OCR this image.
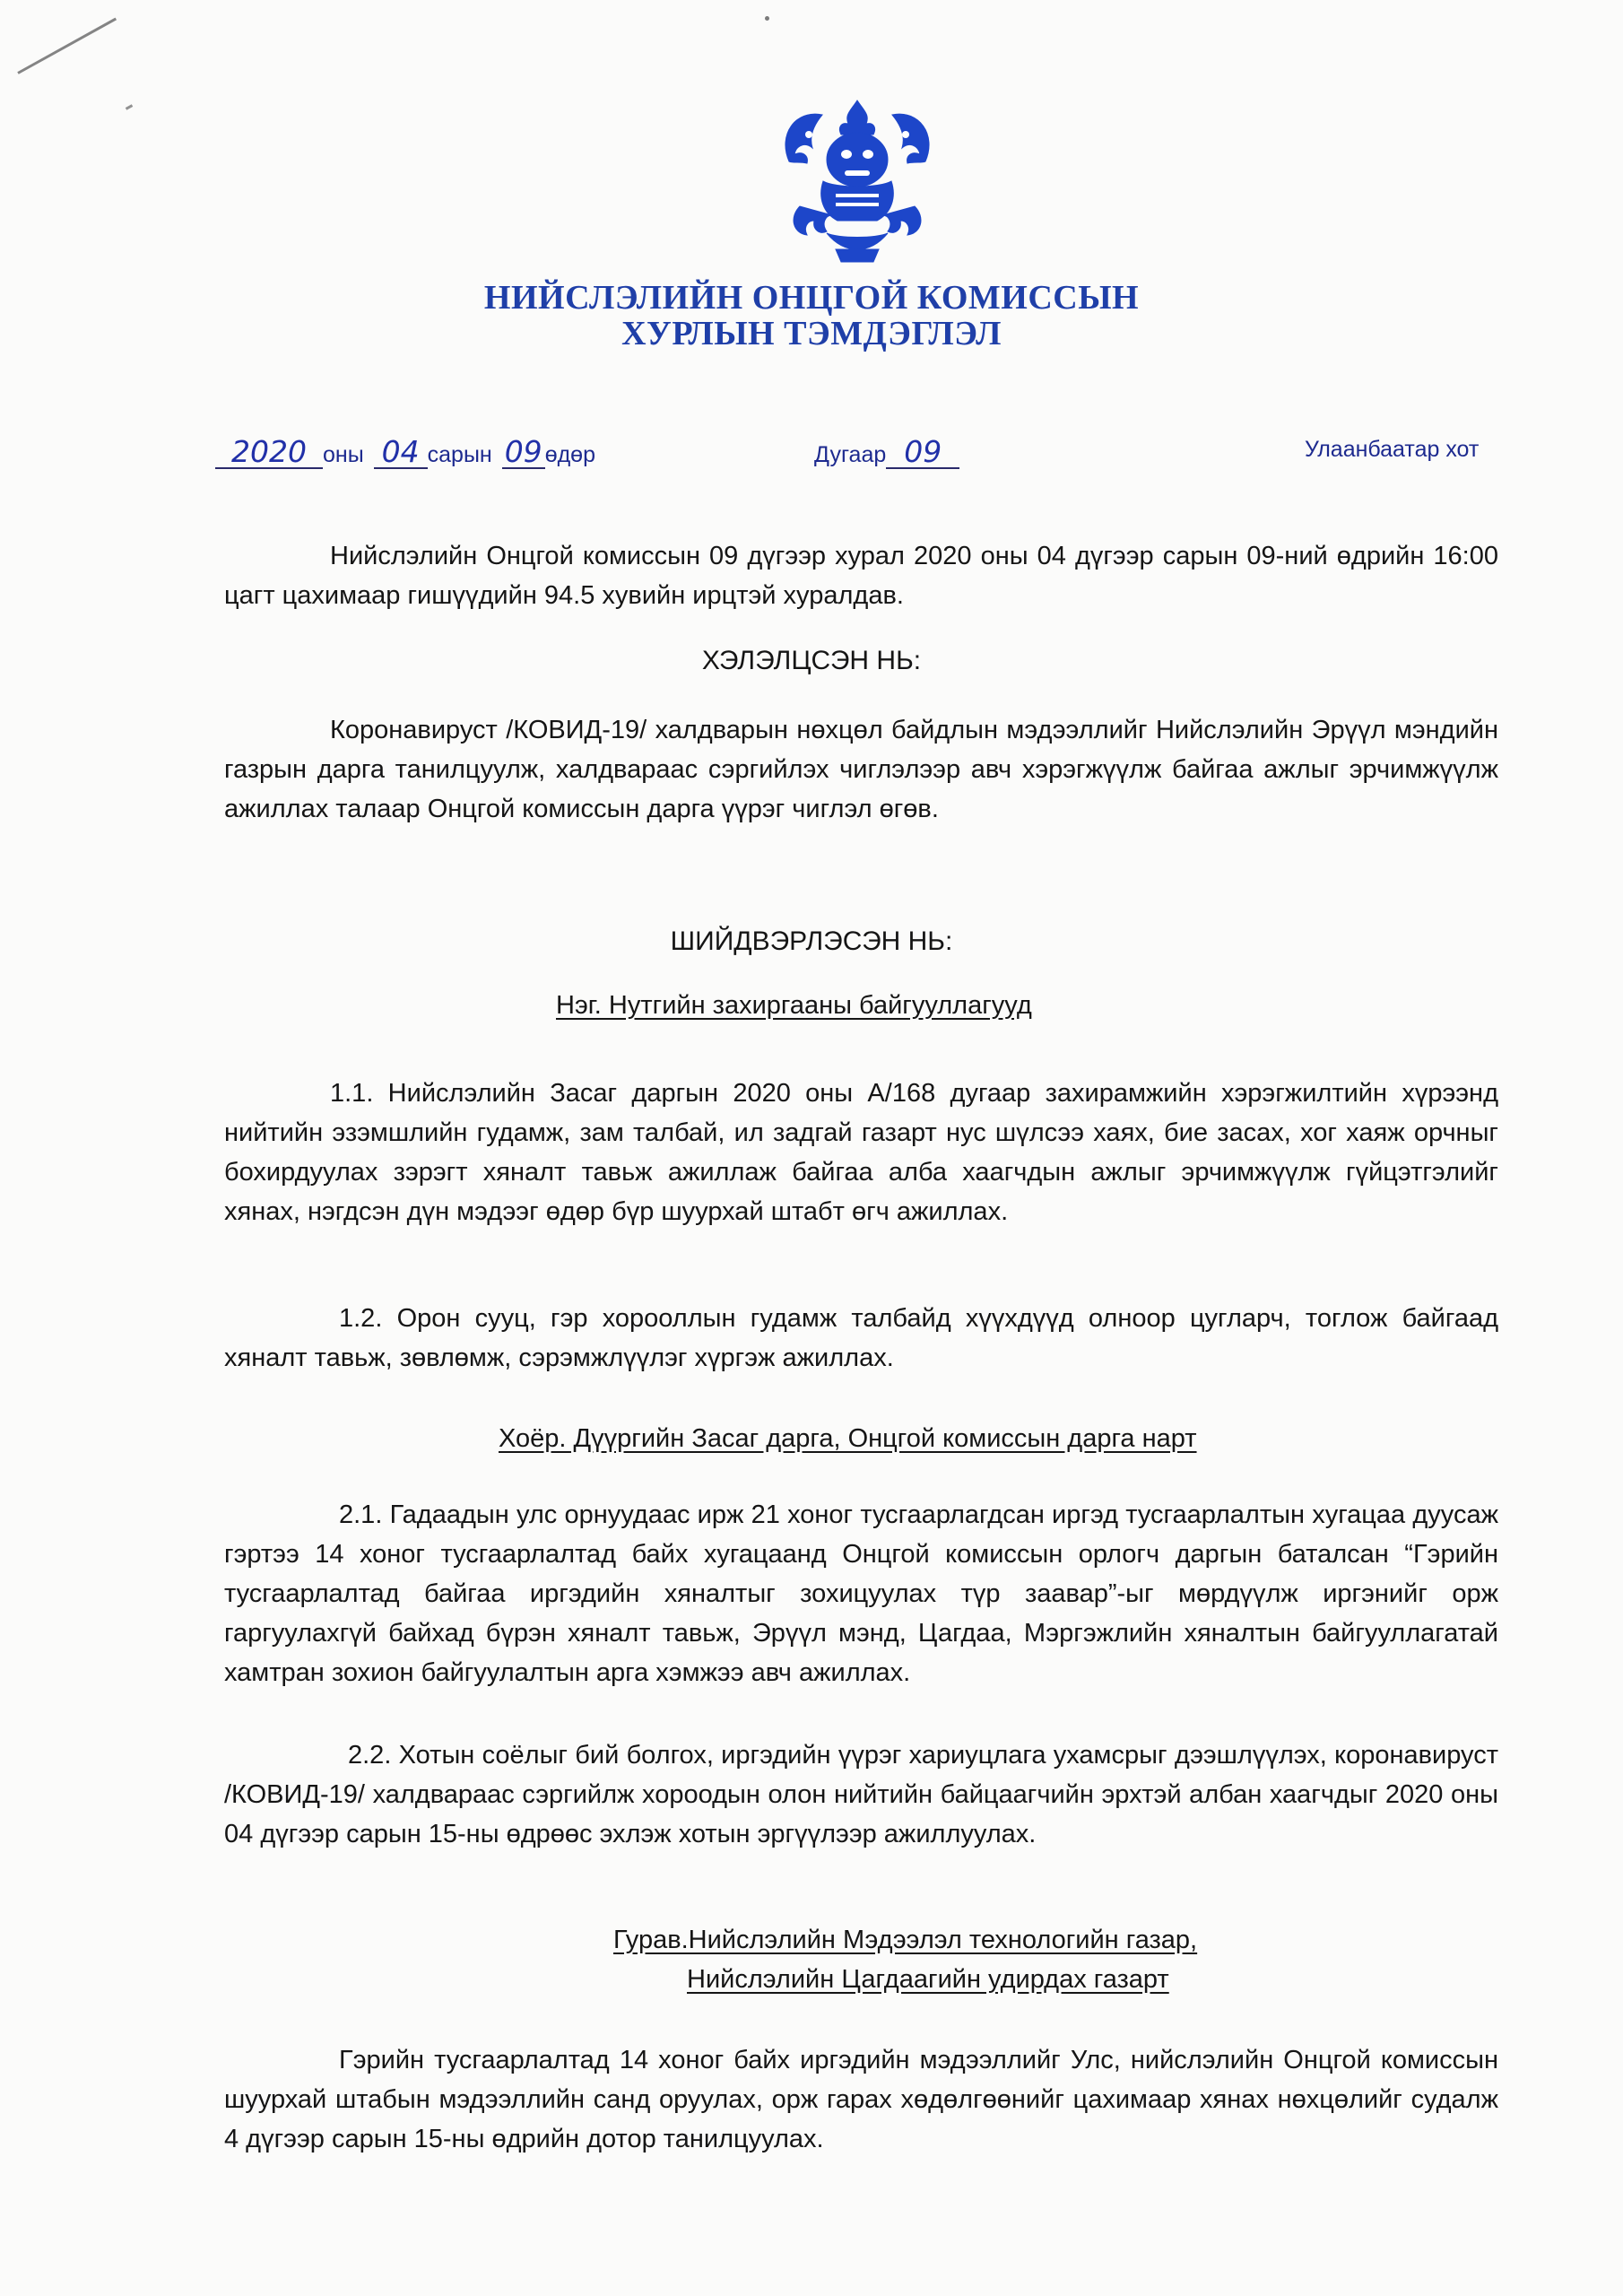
НИЙСЛЭЛИЙН ОНЦГОЙ КОМИССЫН
ХУРЛЫН ТЭМДЭГЛЭЛ
2020 оны 04 сарын 09 өдөр	Дугаар 09	Улаанбаатар хот
Нийслэлийн Онцгой комиссын 09 дүгээр хурал 2020 оны 04 дүгээр сарын 09-ний өдрийн 16:00 цагт цахимаар гишүүдийн 94.5 хувийн ирцтэй хуралдав.
ХЭЛЭЛЦСЭН НЬ:
Коронавируст /КОВИД-19/ халдварын нөхцөл байдлын мэдээллийг Нийслэлийн Эрүүл мэндийн газрын дарга танилцуулж, халдвараас сэргийлэх чиглэлээр авч хэрэгжүүлж байгаа ажлыг эрчимжүүлж ажиллах талаар Онцгой комиссын дарга үүрэг чиглэл өгөв.
ШИЙДВЭРЛЭСЭН НЬ:
Нэг. Нутгийн захиргааны байгууллагууд
1.1. Нийслэлийн Засаг даргын 2020 оны А/168 дугаар захирамжийн хэрэгжилтийн хүрээнд нийтийн эзэмшлийн гудамж, зам талбай, ил задгай газарт нус шүлсээ хаях, бие засах, хог хаяж орчныг бохирдуулах зэрэгт хяналт тавьж ажиллаж байгаа алба хаагчдын ажлыг эрчимжүүлж гүйцэтгэлийг хянах, нэгдсэн дүн мэдээг өдөр бүр шуурхай штабт өгч ажиллах.
1.2. Орон сууц, гэр хорооллын гудамж талбайд хүүхдүүд олноор цугларч, тоглож байгаад хяналт тавьж, зөвлөмж, сэрэмжлүүлэг хүргэж ажиллах.
Хоёр. Дүүргийн Засаг дарга, Онцгой комиссын дарга нарт
2.1. Гадаадын улс орнуудаас ирж 21 хоног тусгаарлагдсан иргэд тусгаарлалтын хугацаа дуусаж гэртээ 14 хоног тусгаарлалтад байх хугацаанд Онцгой комиссын орлогч даргын баталсан “Гэрийн тусгаарлалтад байгаа иргэдийн хяналтыг зохицуулах түр заавар”-ыг мөрдүүлж иргэнийг орж гаргуулахгүй байхад бүрэн хяналт тавьж, Эрүүл мэнд, Цагдаа, Мэргэжлийн хяналтын байгууллагатай хамтран зохион байгуулалтын арга хэмжээ авч ажиллах.
2.2. Хотын соёлыг бий болгох, иргэдийн үүрэг хариуцлага ухамсрыг дээшлүүлэх, коронавируст /КОВИД-19/ халдвараас сэргийлж хороодын олон нийтийн байцаагчийн эрхтэй албан хаагчдыг 2020 оны 04 дүгээр сарын 15-ны өдрөөс эхлэж хотын эргүүлээр ажиллуулах.
Гурав.Нийслэлийн Мэдээлэл технологийн газар,
Нийслэлийн Цагдаагийн удирдах газарт
Гэрийн тусгаарлалтад 14 хоног байх иргэдийн мэдээллийг Улс, нийслэлийн Онцгой комиссын шуурхай штабын мэдээллийн санд оруулах, орж гарах хөдөлгөөнийг цахимаар хянах нөхцөлийг судалж 4 дүгээр сарын 15-ны өдрийн дотор танилцуулах.
